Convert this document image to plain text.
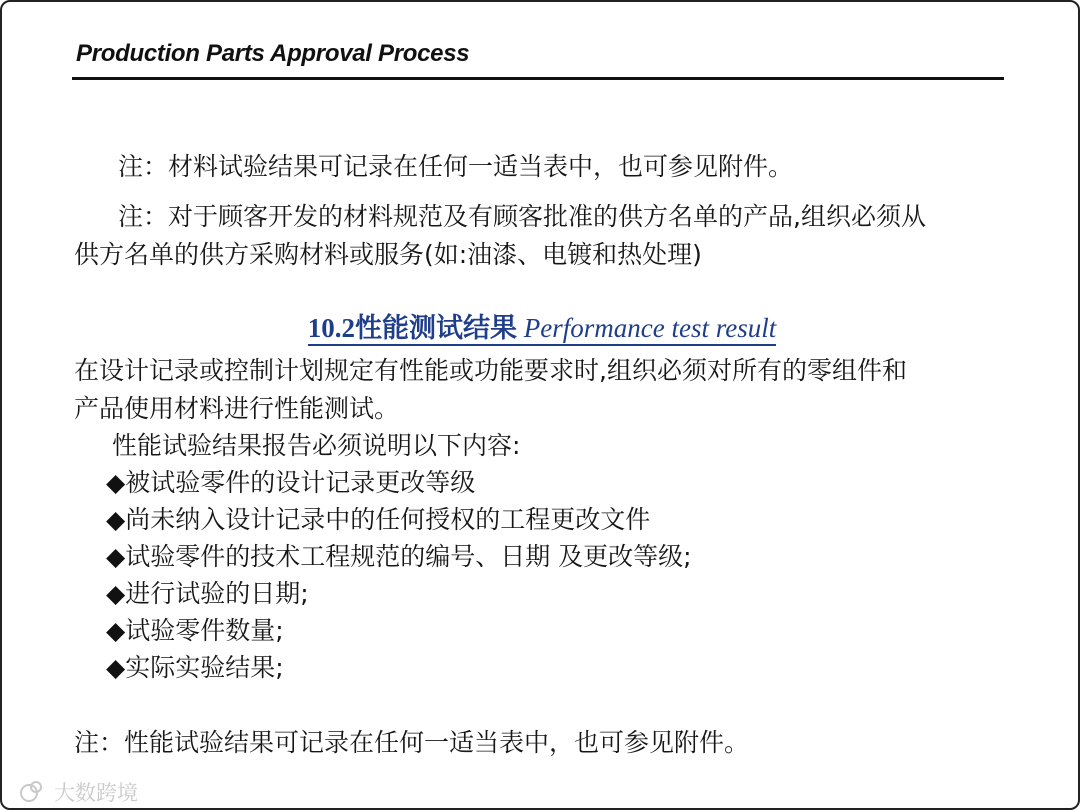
Production Parts Approval Process
注：材料试验结果可记录在任何一适当表中，也可参见附件。
注：对于顾客开发的材料规范及有顾客批准的供方名单的产品,组织必须从
供方名单的供方采购材料或服务(如:油漆、电镀和热处理)
10.2性能测试结果 Performance test result
在设计记录或控制计划规定有性能或功能要求时,组织必须对所有的零组件和
产品使用材料进行性能测试。
性能试验结果报告必须说明以下内容:
◆被试验零件的设计记录更改等级
◆尚未纳入设计记录中的任何授权的工程更改文件
◆试验零件的技术工程规范的编号、日期 及更改等级;
◆进行试验的日期;
◆试验零件数量;
◆实际实验结果;
注：性能试验结果可记录在任何一适当表中，也可参见附件。
大数跨境
